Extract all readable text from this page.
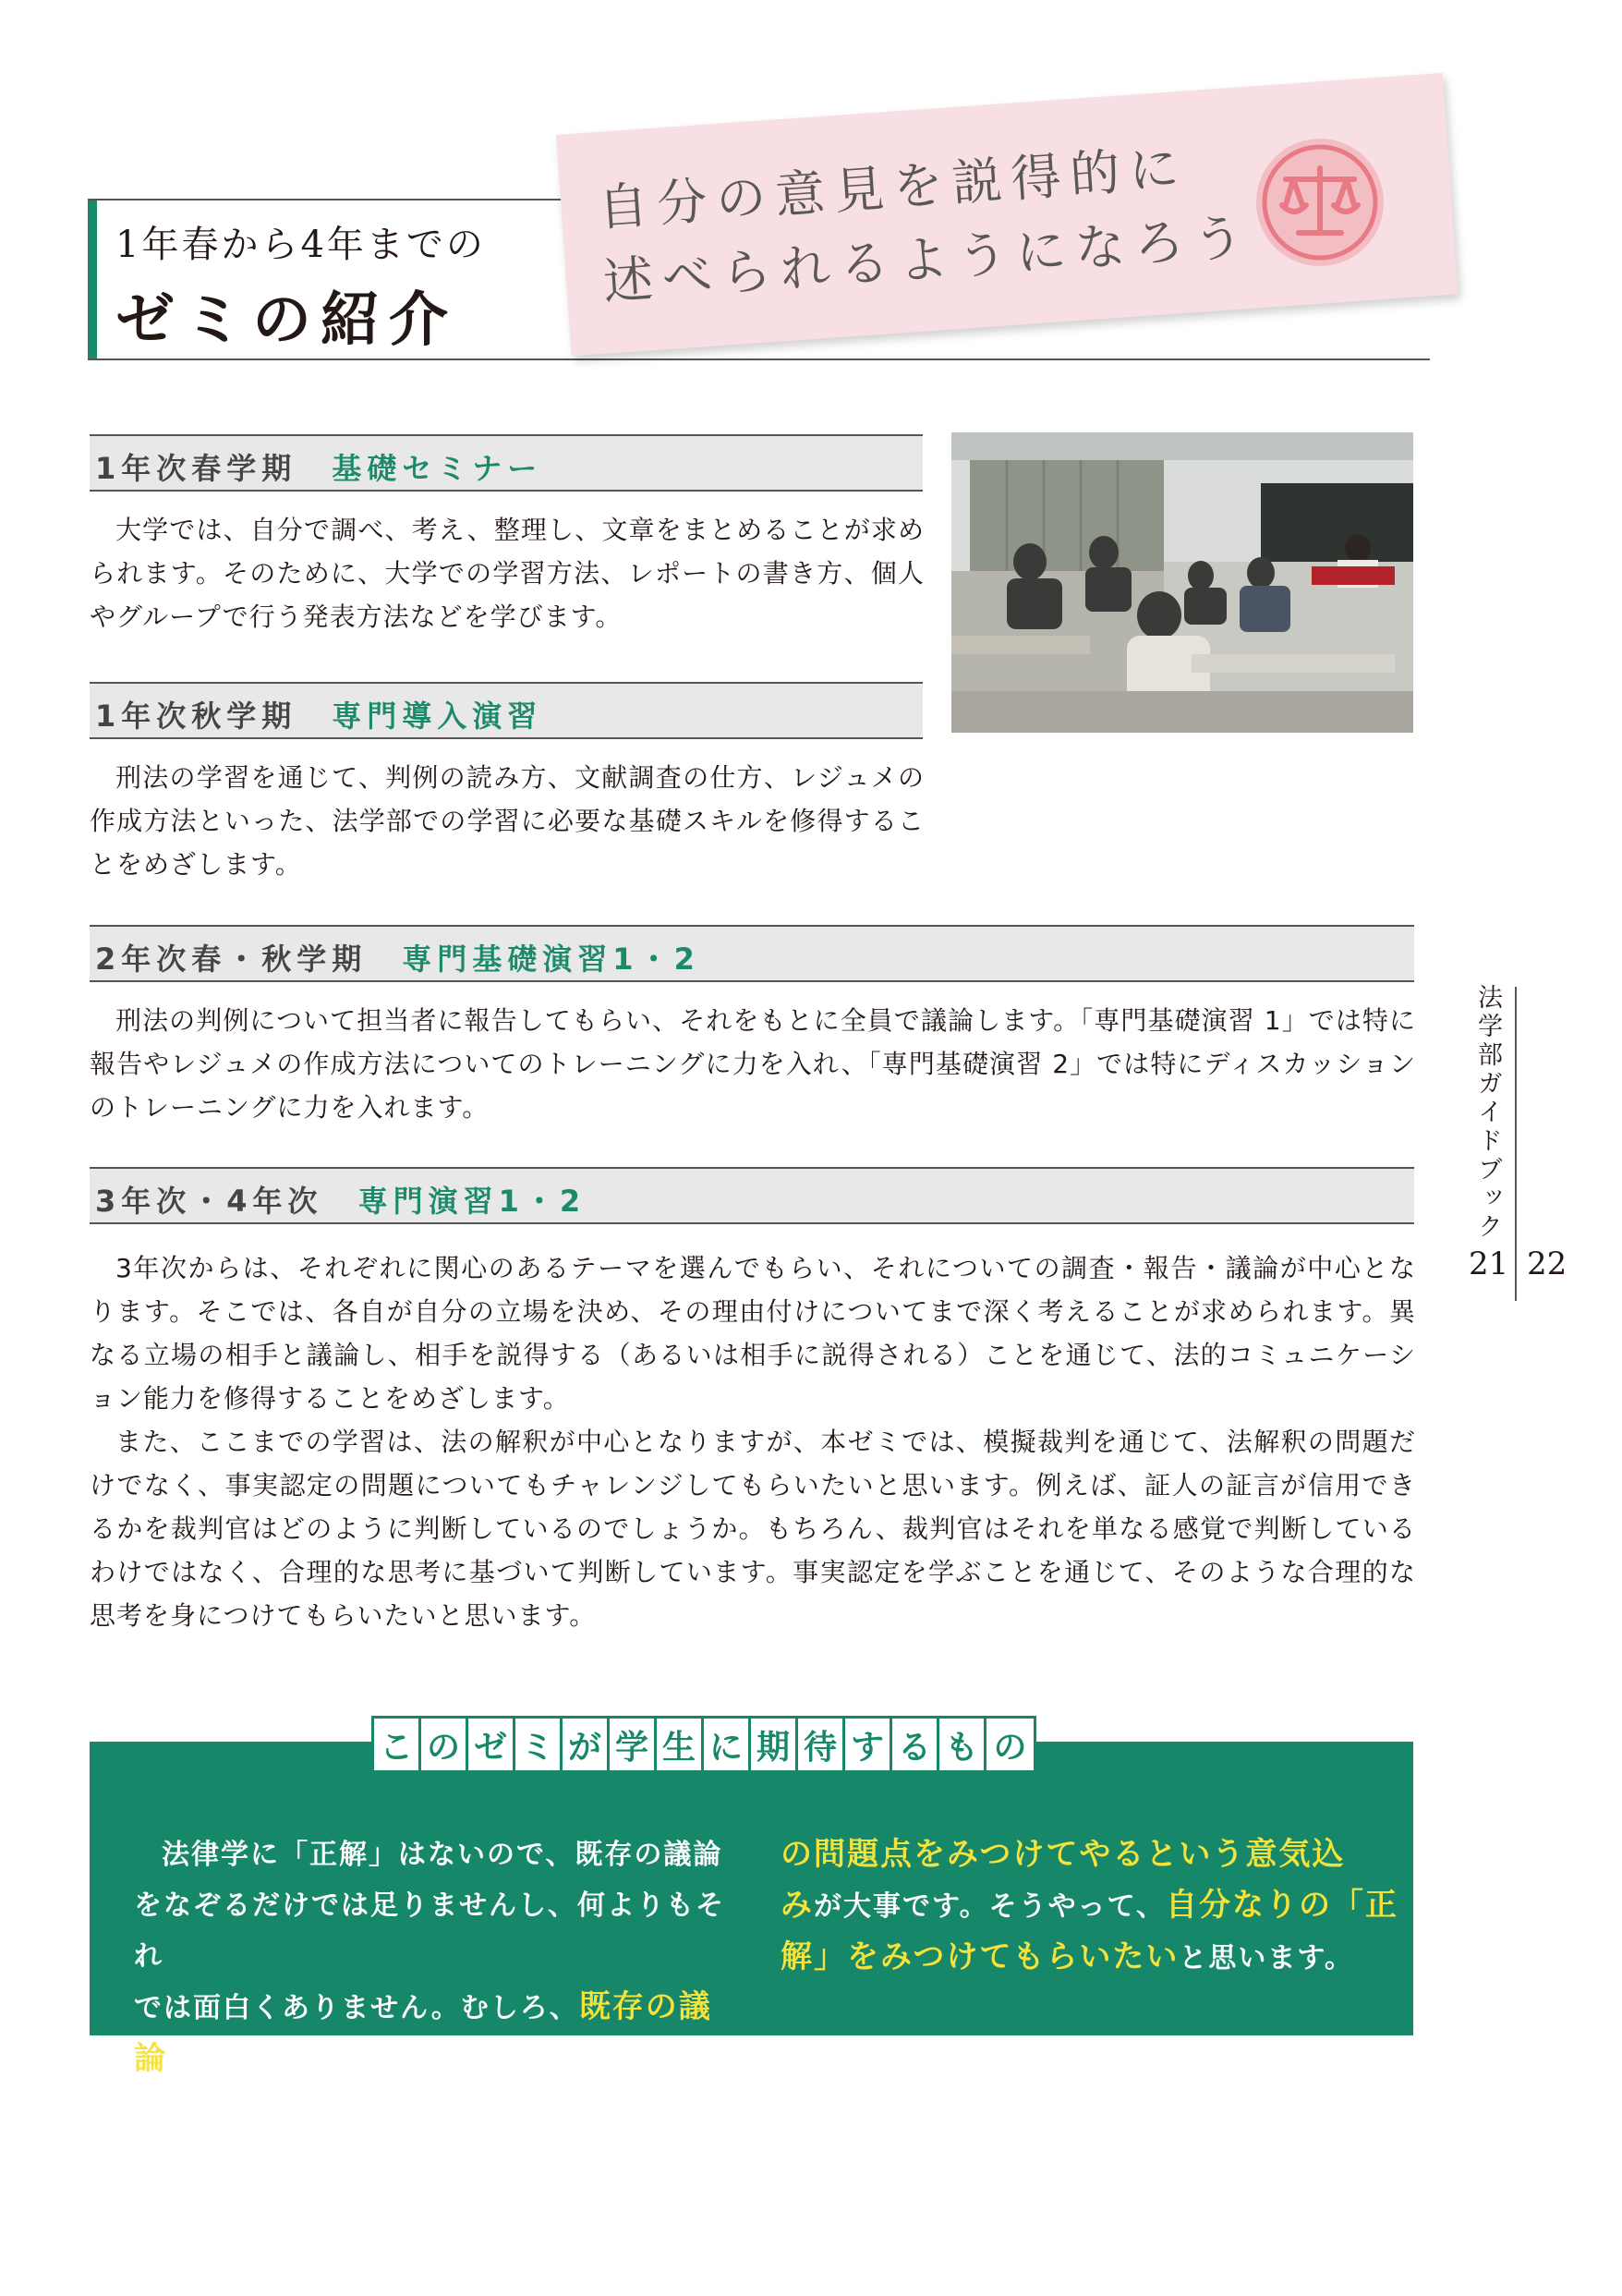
1年春から4年までの
ゼミの紹介
自分の意見を説得的に
述べられるようになろう
1年次春学期　 基礎セミナー

大学では、自分で調べ、考え、整理し、文章をまとめることが求められます。そのために、大学での学習方法、レポートの書き方、個人やグループで行う発表方法などを学びます。

1年次秋学期　 専門導入演習

刑法の学習を通じて、判例の読み方、文献調査の仕方、レジュメの作成方法といった、法学部での学習に必要な基礎スキルを修得することをめざします。

2年次春・秋学期　 専門基礎演習1・2

刑法の判例について担当者に報告してもらい、それをもとに全員で議論します。「専門基礎演習 1」では特に報告やレジュメの作成方法についてのトレーニングに力を入れ、「専門基礎演習 2」では特にディスカッションのトレーニングに力を入れます。

3年次・4年次　 専門演習1・2

3年次からは、それぞれに関心のあるテーマを選んでもらい、それについての調査・報告・議論が中心となります。そこでは、各自が自分の立場を決め、その理由付けについてまで深く考えることが求められます。異なる立場の相手と議論し、相手を説得する（あるいは相手に説得される）ことを通じて、法的コミュニケーション能力を修得することをめざします。

また、ここまでの学習は、法の解釈が中心となりますが、本ゼミでは、模擬裁判を通じて、法解釈の問題だけでなく、事実認定の問題についてもチャレンジしてもらいたいと思います。例えば、証人の証言が信用できるかを裁判官はどのように判断しているのでしょうか。もちろん、裁判官はそれを単なる感覚で判断しているわけではなく、合理的な思考に基づいて判断しています。事実認定を学ぶことを通じて、そのような合理的な思考を身につけてもらいたいと思います。

法学部ガイドブック
21 22
こ の ゼ ミ が 学 生 に 期 待 す る も の
法律学に「正解」はないので、既存の議論
をなぞるだけでは足りませんし、何よりもそれ
では面白くありません。むしろ、既存の議論
の問題点をみつけてやるという意気込
みが大事です。そうやって、自分なりの「正
解」をみつけてもらいたいと思います。
